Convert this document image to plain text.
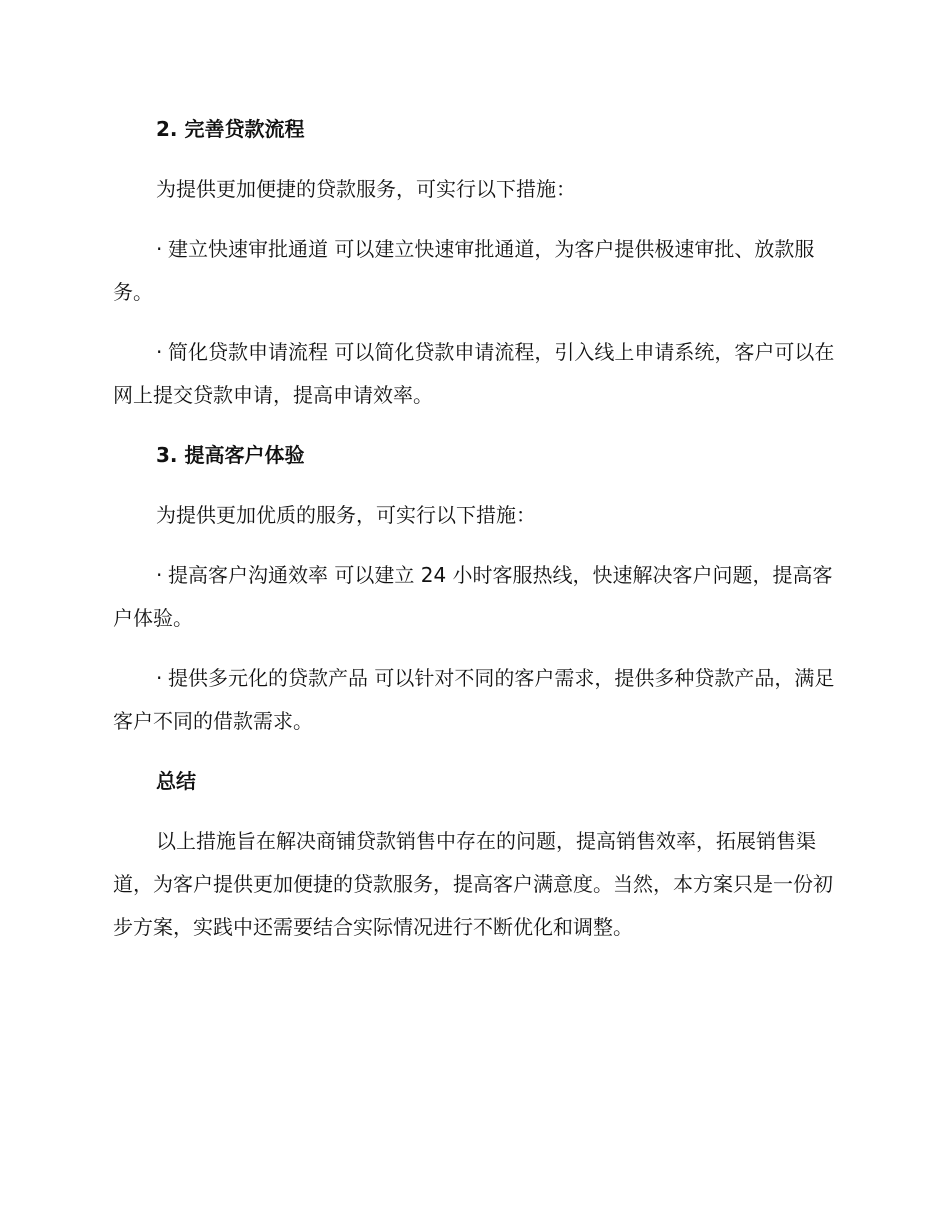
2. 完善贷款流程

为提供更加便捷的贷款服务，可实行以下措施：

· 建立快速审批通道 可以建立快速审批通道，为客户提供极速审批、放款服务。

· 简化贷款申请流程 可以简化贷款申请流程，引入线上申请系统，客户可以在网上提交贷款申请，提高申请效率。

3. 提高客户体验

为提供更加优质的服务，可实行以下措施：

· 提高客户沟通效率 可以建立 24 小时客服热线，快速解决客户问题，提高客户体验。

· 提供多元化的贷款产品 可以针对不同的客户需求，提供多种贷款产品，满足客户不同的借款需求。

总结

以上措施旨在解决商铺贷款销售中存在的问题，提高销售效率，拓展销售渠道，为客户提供更加便捷的贷款服务，提高客户满意度。当然，本方案只是一份初步方案，实践中还需要结合实际情况进行不断优化和调整。
